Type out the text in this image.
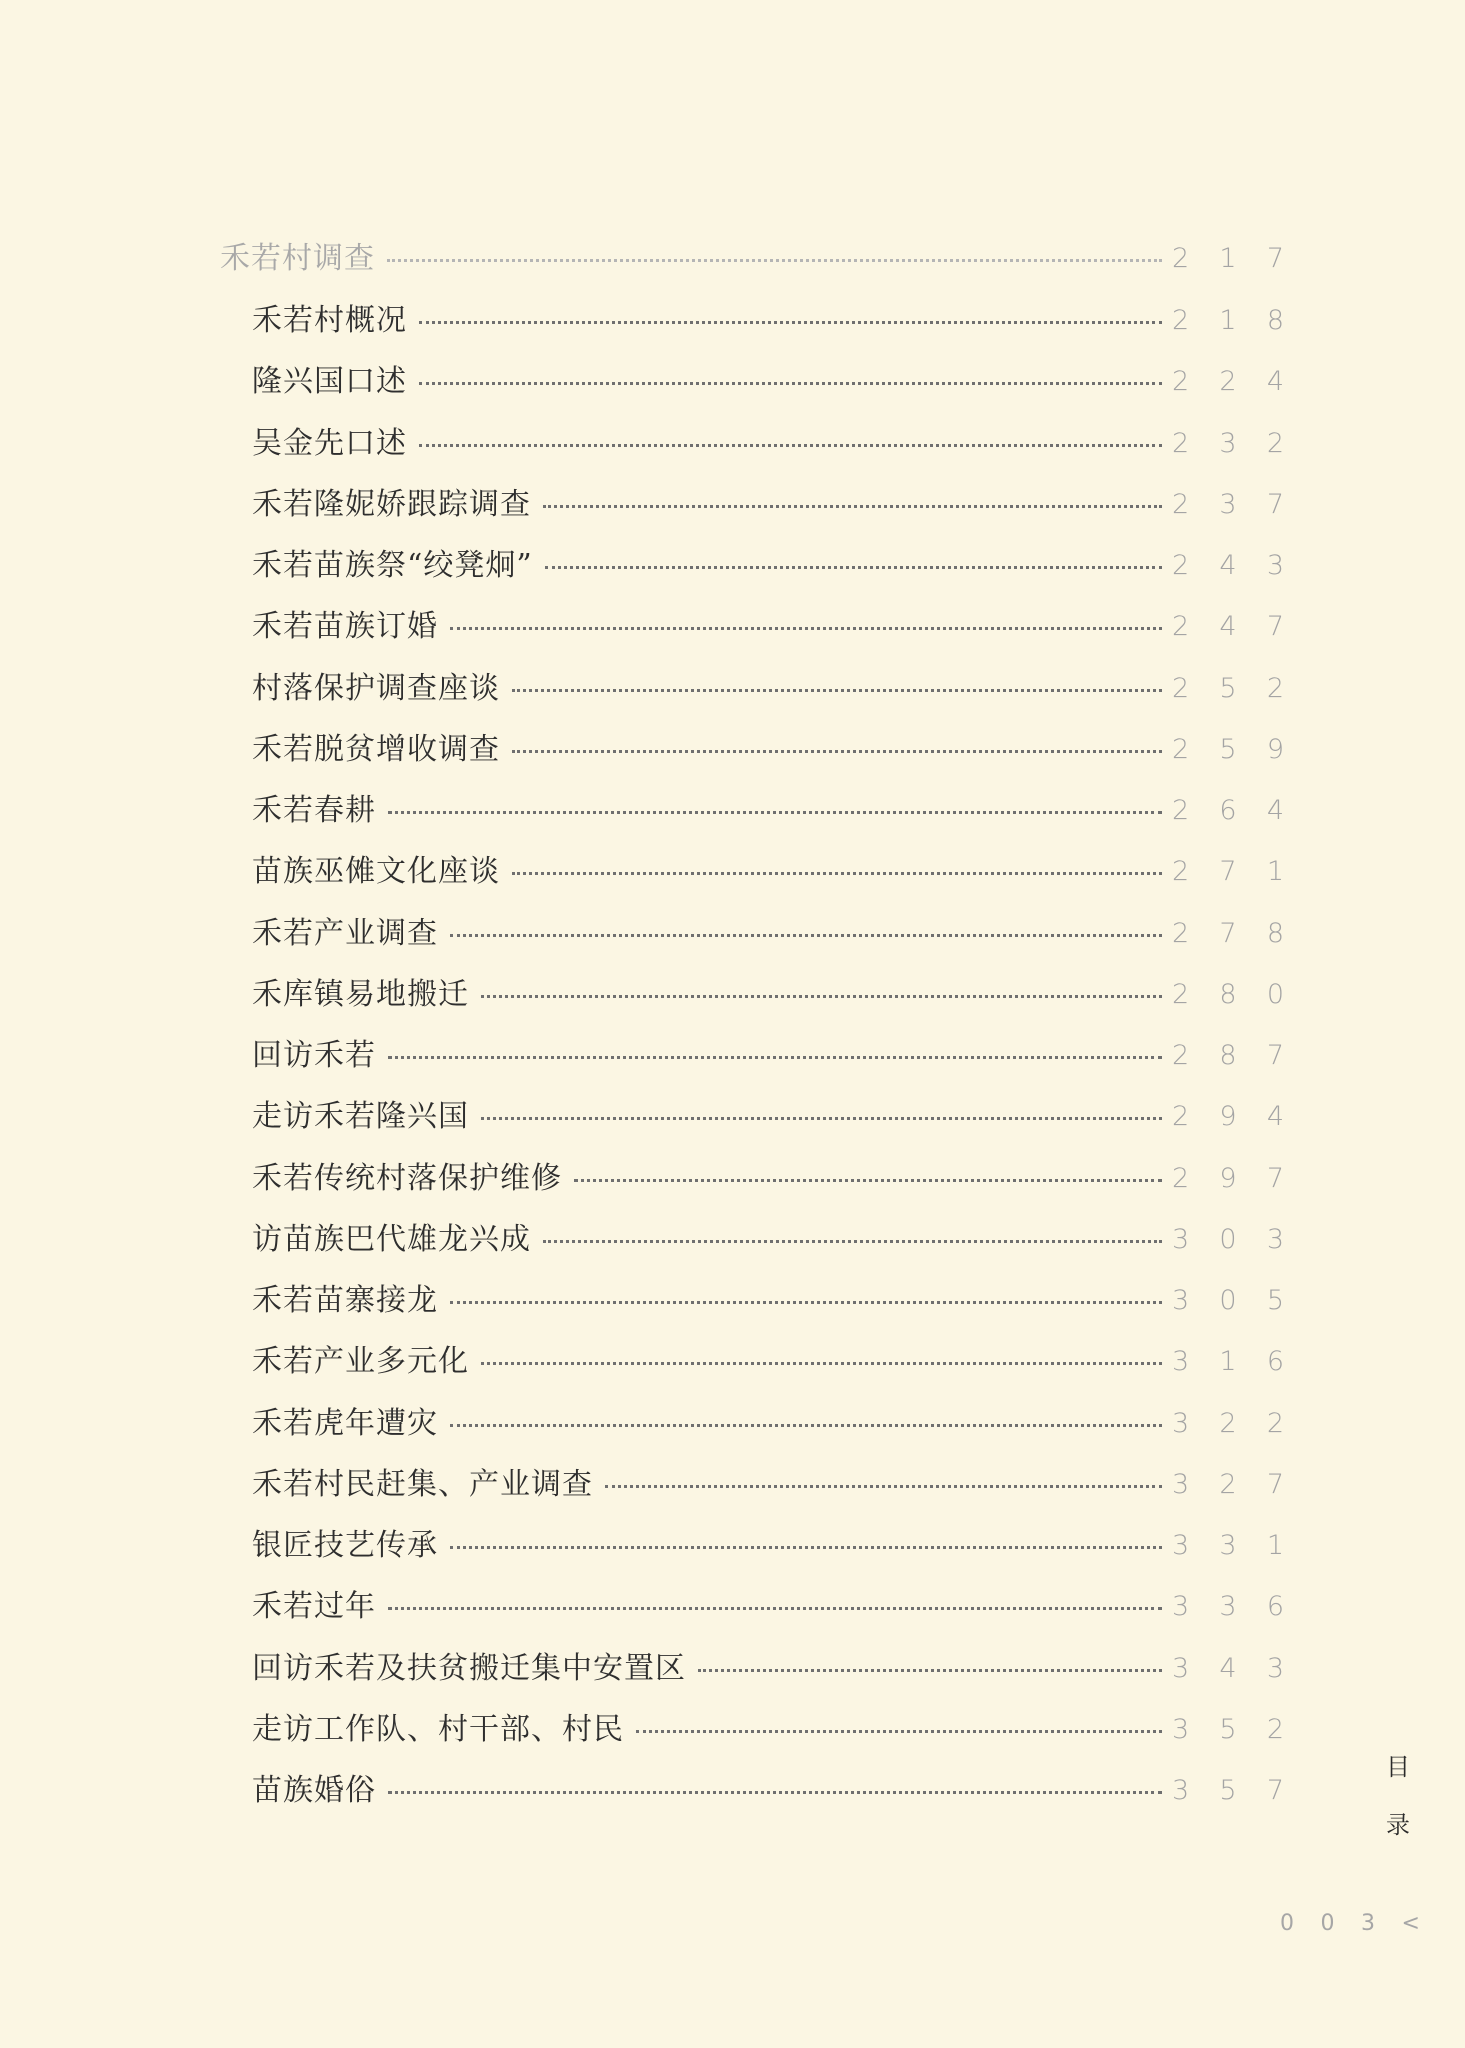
禾若村调查	2 1 7
禾若村概况	2 1 8
隆兴国口述	2 2 4
吴金先口述	2 3 2
禾若隆妮娇跟踪调查	2 3 7
禾若苗族祭“绞凳炯”	2 4 3
禾若苗族订婚	2 4 7
村落保护调查座谈	2 5 2
禾若脱贫增收调查	2 5 9
禾若春耕	2 6 4
苗族巫傩文化座谈	2 7 1
禾若产业调查	2 7 8
禾库镇易地搬迁	2 8 0
回访禾若	2 8 7
走访禾若隆兴国	2 9 4
禾若传统村落保护维修	2 9 7
访苗族巴代雄龙兴成	3 0 3
禾若苗寨接龙	3 0 5
禾若产业多元化	3 1 6
禾若虎年遭灾	3 2 2
禾若村民赶集、产业调查	3 2 7
银匠技艺传承	3 3 1
禾若过年	3 3 6
回访禾若及扶贫搬迁集中安置区	3 4 3
走访工作队、村干部、村民	3 5 2
苗族婚俗	3 5 7
目
录
0 0 3 <
